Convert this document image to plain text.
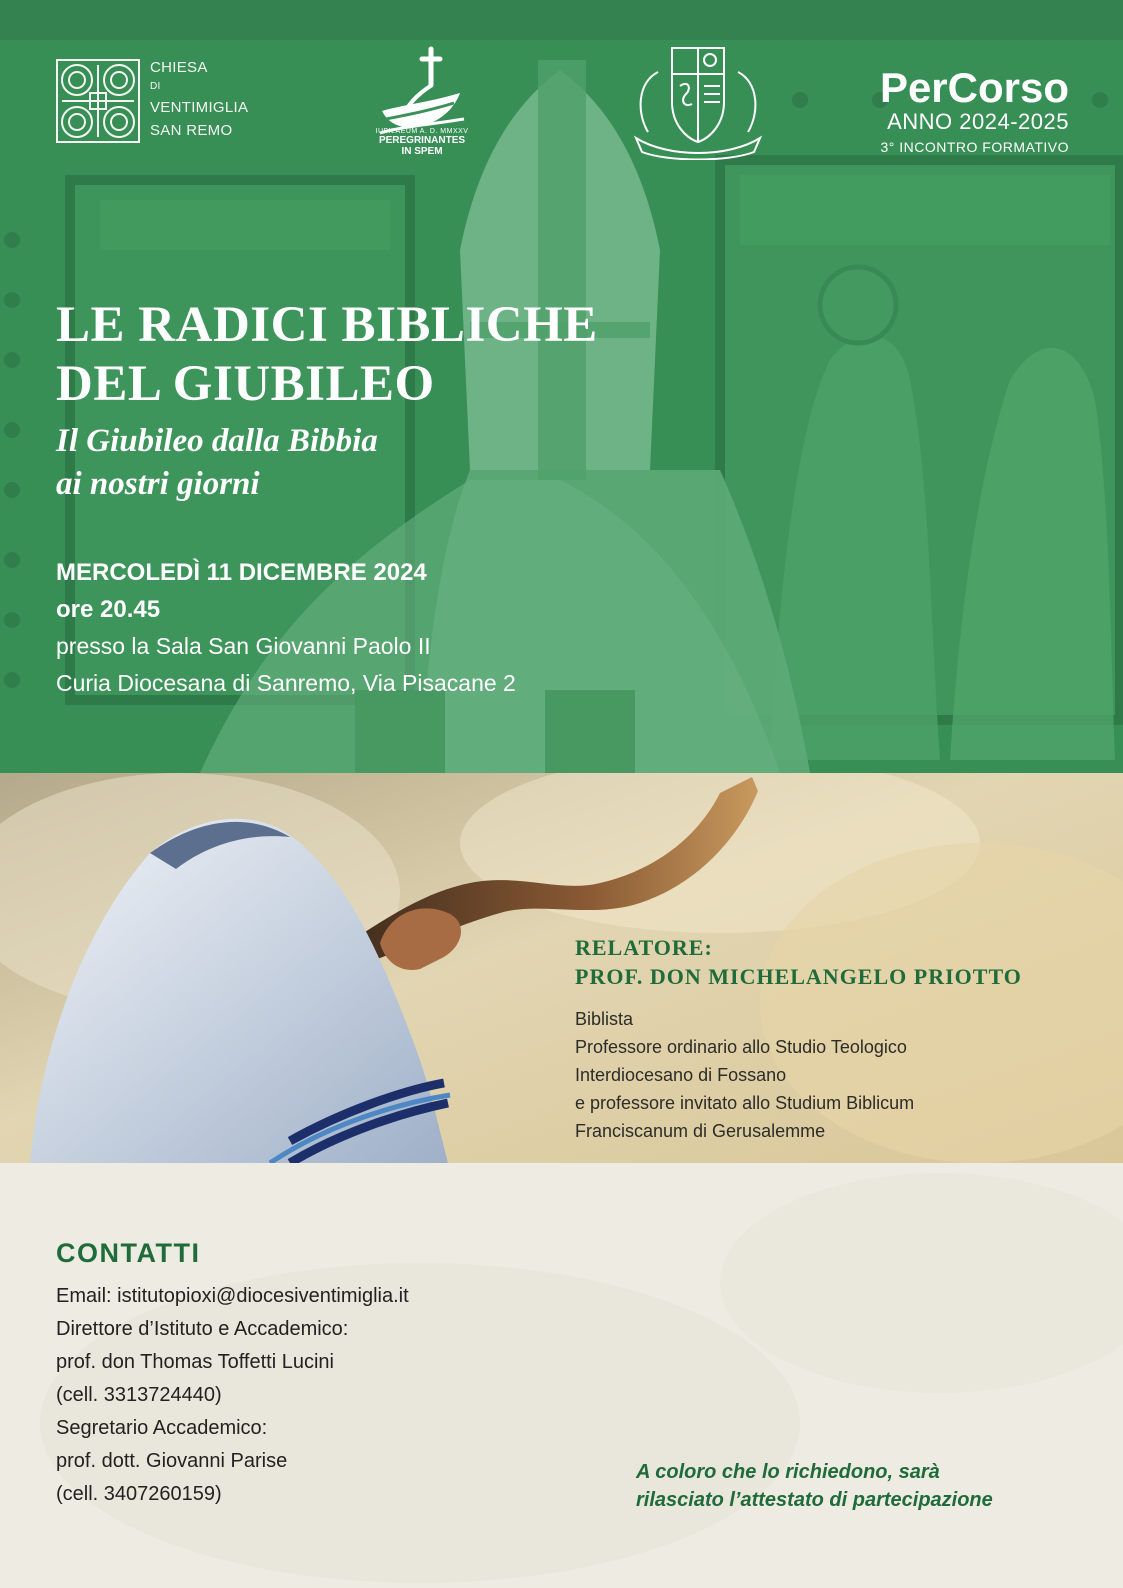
CHIESA
DI
VENTIMIGLIA
SAN REMO	IUBILAEUM A. D. MMXXV
PEREGRINANTES
IN SPEM
PerCorso
ANNO 2024-2025
3° INCONTRO FORMATIVO
LE RADICI BIBLICHE
DEL GIUBILEO
Il Giubileo dalla Bibbia
ai nostri giorni
MERCOLEDÌ 11 DICEMBRE 2024
ore 20.45
presso la Sala San Giovanni Paolo II
Curia Diocesana di Sanremo, Via Pisacane 2
RELATORE:
PROF. DON MICHELANGELO PRIOTTO
Biblista
Professore ordinario allo Studio Teologico
Interdiocesano di Fossano
e professore invitato allo Studium Biblicum
Franciscanum di Gerusalemme
CONTATTI
Email: istitutopioxi@diocesiventimiglia.it
Direttore d’Istituto e Accademico:
prof. don Thomas Toffetti Lucini
(cell. 3313724440)
Segretario Accademico:
prof. dott. Giovanni Parise
(cell. 3407260159)
A coloro che lo richiedono, sarà
rilasciato l’attestato di partecipazione
